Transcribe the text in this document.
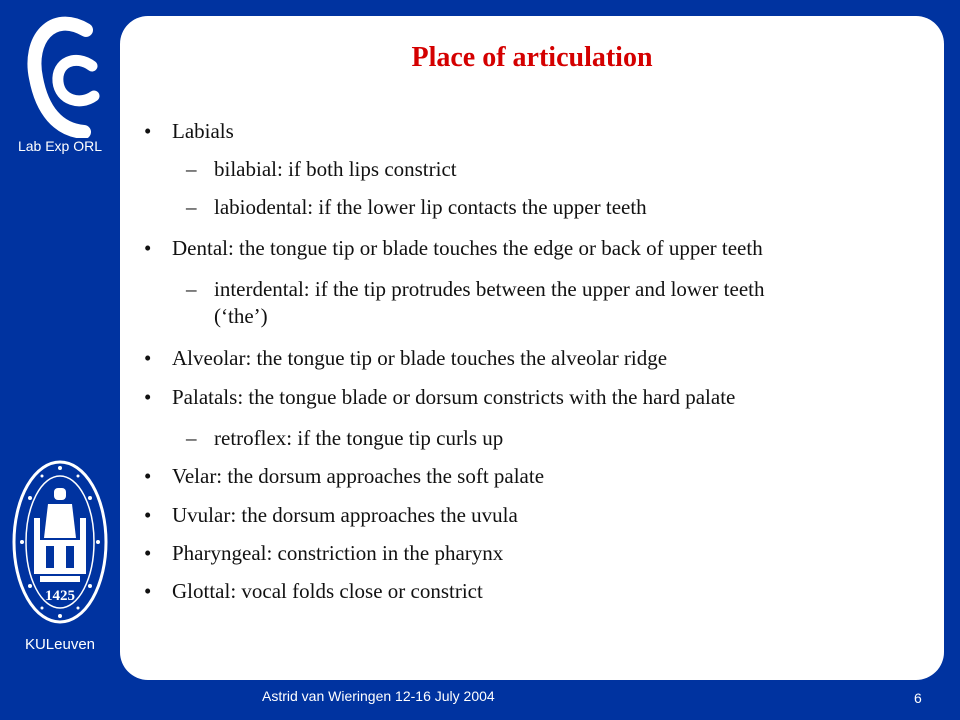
Lab Exp ORL
1425
KULeuven
Place of articulation
• Labials
– bilabial: if both lips constrict
– labiodental: if the lower lip contacts the upper teeth
• Dental: the tongue tip or blade touches the edge or back of upper teeth
– interdental: if the tip protrudes between the upper and lower teeth
(‘the’)
• Alveolar: the tongue tip or blade touches the alveolar ridge
• Palatals: the tongue blade or dorsum constricts with the hard palate
– retroflex: if the tongue tip curls up
• Velar: the dorsum approaches the soft palate
• Uvular: the dorsum approaches the uvula
• Pharyngeal: constriction in the pharynx
• Glottal: vocal folds close or constrict
Astrid van Wieringen 12-16 July 2004	6
